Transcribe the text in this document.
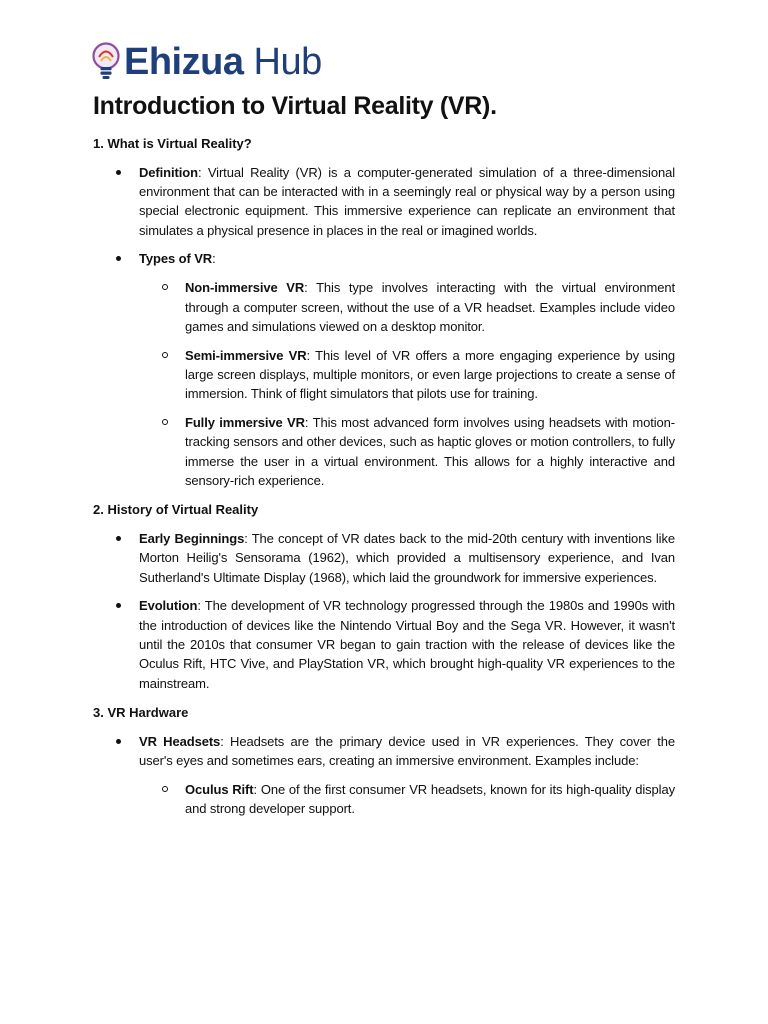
Ehizua Hub
Introduction to Virtual Reality (VR).
1. What is Virtual Reality?

Definition: Virtual Reality (VR) is a computer-generated simulation of a three-dimensional environment that can be interacted with in a seemingly real or physical way by a person using special electronic equipment. This immersive experience can replicate an environment that simulates a physical presence in places in the real or imagined worlds.

Types of VR:

Non-immersive VR: This type involves interacting with the virtual environment through a computer screen, without the use of a VR headset. Examples include video games and simulations viewed on a desktop monitor.

Semi-immersive VR: This level of VR offers a more engaging experience by using large screen displays, multiple monitors, or even large projections to create a sense of immersion. Think of flight simulators that pilots use for training.

Fully immersive VR: This most advanced form involves using headsets with motion-tracking sensors and other devices, such as haptic gloves or motion controllers, to fully immerse the user in a virtual environment. This allows for a highly interactive and sensory-rich experience.

2. History of Virtual Reality

Early Beginnings: The concept of VR dates back to the mid-20th century with inventions like Morton Heilig's Sensorama (1962), which provided a multisensory experience, and Ivan Sutherland's Ultimate Display (1968), which laid the groundwork for immersive experiences.

Evolution: The development of VR technology progressed through the 1980s and 1990s with the introduction of devices like the Nintendo Virtual Boy and the Sega VR. However, it wasn't until the 2010s that consumer VR began to gain traction with the release of devices like the Oculus Rift, HTC Vive, and PlayStation VR, which brought high-quality VR experiences to the mainstream.

3. VR Hardware

VR Headsets: Headsets are the primary device used in VR experiences. They cover the user's eyes and sometimes ears, creating an immersive environment. Examples include:

Oculus Rift: One of the first consumer VR headsets, known for its high-quality display and strong developer support.
